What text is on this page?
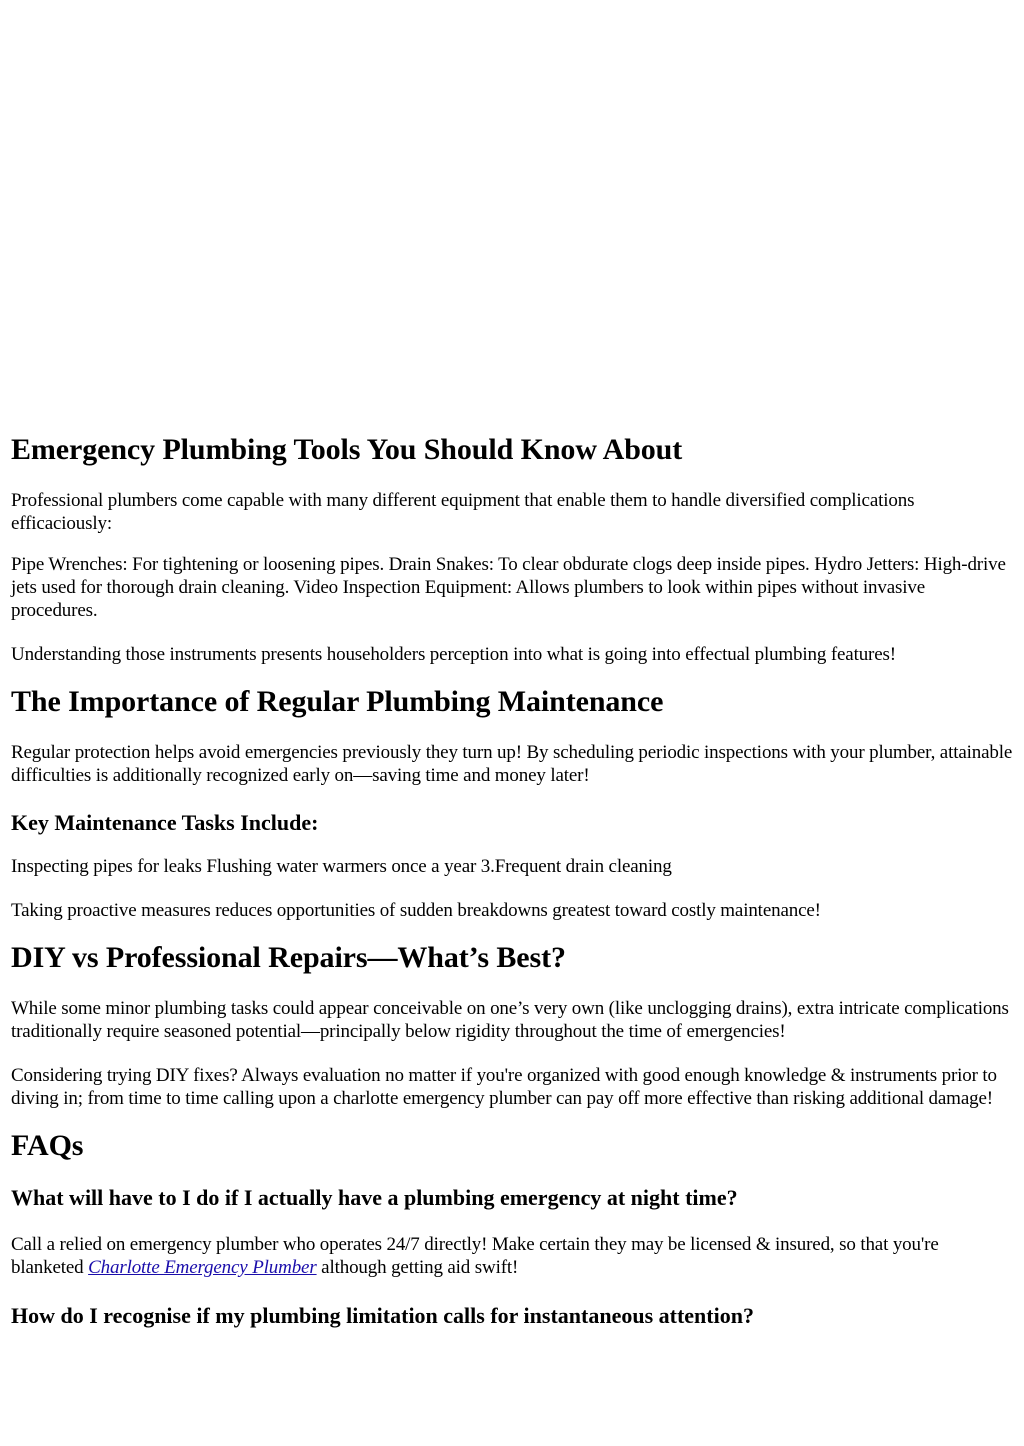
Emergency Plumbing Tools You Should Know About

Professional plumbers come capable with many different equipment that enable them to handle diversified complications efficaciously:

Pipe Wrenches: For tightening or loosening pipes. Drain Snakes: To clear obdurate clogs deep inside pipes. Hydro Jetters: High-drive jets used for thorough drain cleaning. Video Inspection Equipment: Allows plumbers to look within pipes without invasive procedures.

Understanding those instruments presents householders perception into what is going into effectual plumbing features!

The Importance of Regular Plumbing Maintenance

Regular protection helps avoid emergencies previously they turn up! By scheduling periodic inspections with your plumber, attainable difficulties is additionally recognized early on—saving time and money later!

Key Maintenance Tasks Include:

Inspecting pipes for leaks Flushing water warmers once a year 3.Frequent drain cleaning

Taking proactive measures reduces opportunities of sudden breakdowns greatest toward costly maintenance!

DIY vs Professional Repairs—What’s Best?

While some minor plumbing tasks could appear conceivable on one’s very own (like unclogging drains), extra intricate complications traditionally require seasoned potential—principally below rigidity throughout the time of emergencies!

Considering trying DIY fixes? Always evaluation no matter if you're organized with good enough knowledge & instruments prior to diving in; from time to time calling upon a charlotte emergency plumber can pay off more effective than risking additional damage!

FAQs
What will have to I do if I actually have a plumbing emergency at night time?

Call a relied on emergency plumber who operates 24/7 directly! Make certain they may be licensed & insured, so that you're blanketed Charlotte Emergency Plumber although getting aid swift!

How do I recognise if my plumbing limitation calls for instantaneous attention?
